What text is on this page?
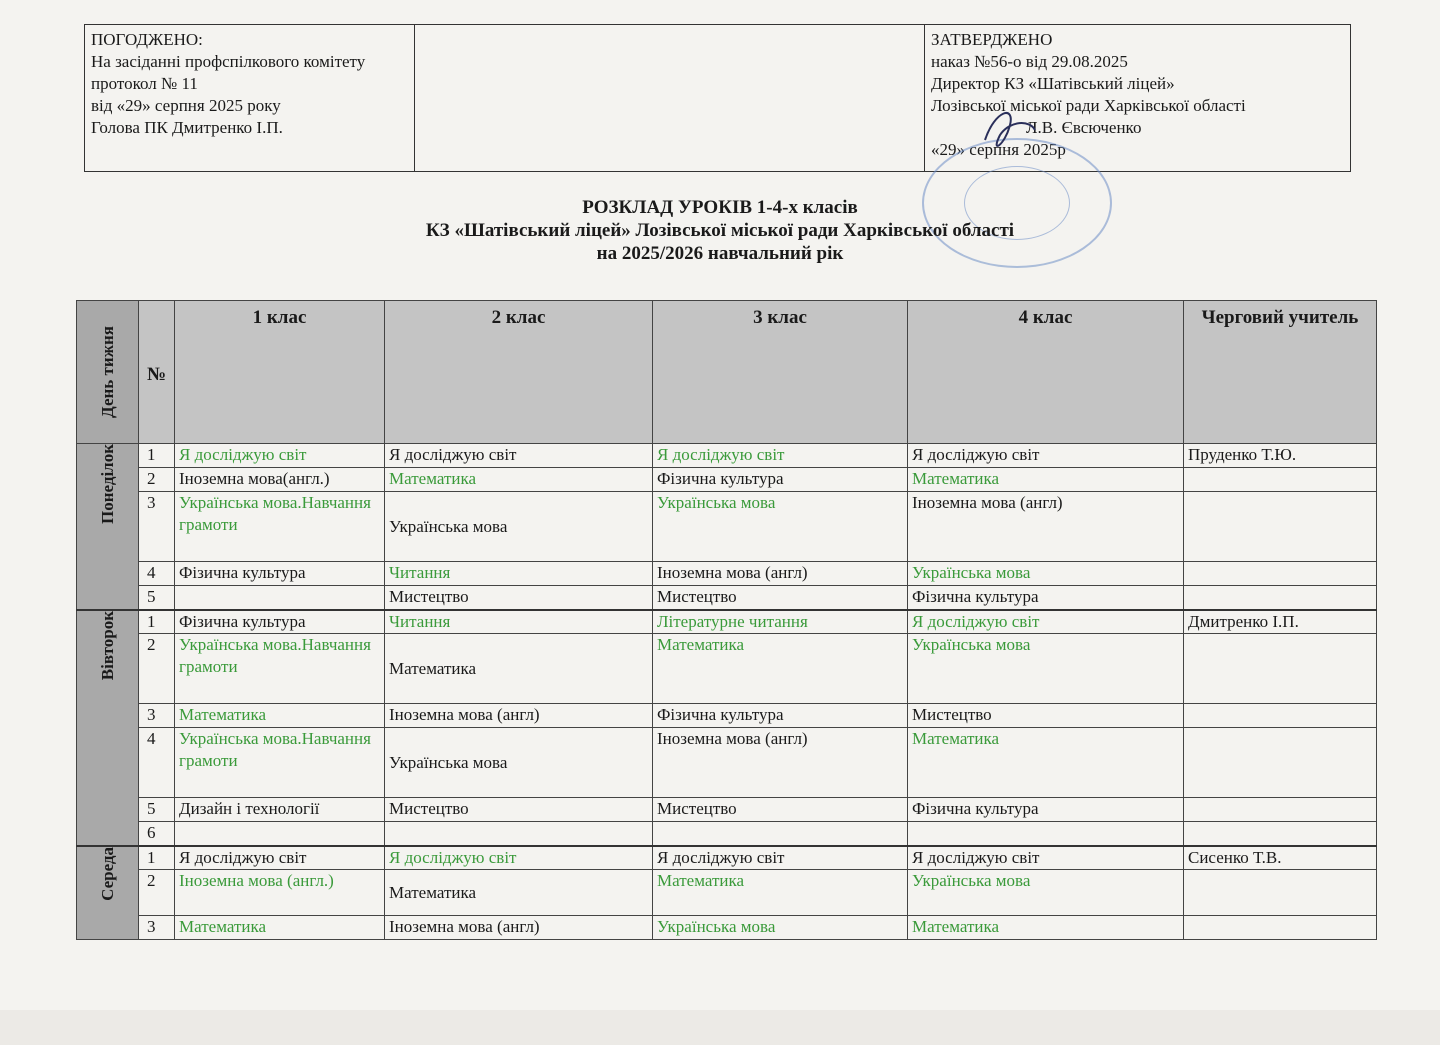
ПОГОДЖЕНО:
На засіданні профспілкового комітету
протокол № 11
від «29» серпня 2025 року
Голова ПК Дмитренко І.П.		ЗАТВЕРДЖЕНО
наказ №56-о від 29.08.2025
Директор КЗ «Шатівський ліцей»
Лозівської міської ради Харківської області
Л.В. Євсюченко
«29» серпня 2025р
РОЗКЛАД УРОКІВ 1-4-х класів
КЗ «Шатівський ліцей» Лозівської міської ради Харківської області
на 2025/2026 навчальний рік
День тижня	№	1 клас	2 клас	3 клас	4 клас	Черговий учитель

Понеділок	1	Я досліджую світ	Я досліджую світ	Я досліджую світ	Я досліджую світ	Пруденко Т.Ю.
	2	Іноземна мова(англ.)	Математика	Фізична культура	Математика	
	3	Українська мова.Навчання грамоти	Українська мова	Українська мова	Іноземна мова (англ)	
	4	Фізична культура	Читання	Іноземна мова (англ)	Українська мова	
	5		Мистецтво	Мистецтво	Фізична культура	

Вівторок	1	Фізична культура	Читання	Літературне читання	Я досліджую світ	Дмитренко І.П.
	2	Українська мова.Навчання грамоти	Математика	Математика	Українська мова	
	3	Математика	Іноземна мова (англ)	Фізична культура	Мистецтво	
	4	Українська мова.Навчання грамоти	Українська мова	Іноземна мова (англ)	Математика	
	5	Дизайн і технології	Мистецтво	Мистецтво	Фізична культура	
	6					

Середа	1	Я досліджую світ	Я досліджую світ	Я досліджую світ	Я досліджую світ	Сисенко Т.В.
	2	Іноземна мова (англ.)	Математика	Математика	Українська мова	
	3	Математика	Іноземна мова (англ)	Українська мова	Математика	
